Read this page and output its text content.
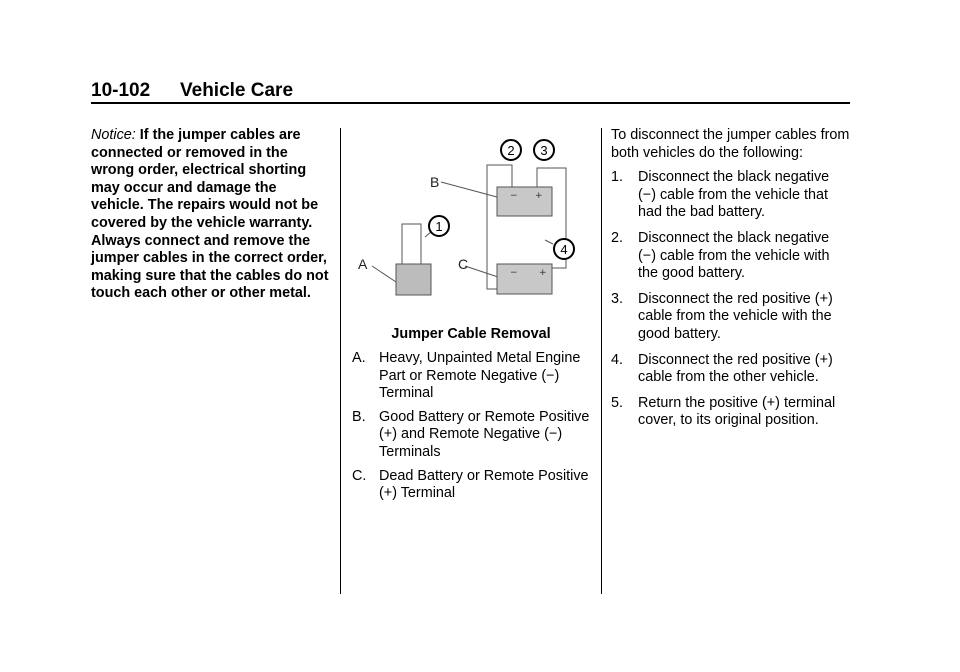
10-102 Vehicle Care
Notice: If the jumper cables are connected or removed in the wrong order, electrical shorting may occur and damage the vehicle. The repairs would not be covered by the vehicle warranty. Always connect and remove the jumper cables in the correct order, making sure that the cables do not touch each other or other metal.
− +
− +
A
B
C
1
2 3
4
Jumper Cable Removal
A. Heavy, Unpainted Metal Engine Part or Remote Negative (−) Terminal
B. Good Battery or Remote Positive (+) and Remote Negative (−) Terminals
C. Dead Battery or Remote Positive (+) Terminal

To disconnect the jumper cables from both vehicles do the following:

1. Disconnect the black negative (−) cable from the vehicle that had the bad battery.
2. Disconnect the black negative (−) cable from the vehicle with the good battery.
3. Disconnect the red positive (+) cable from the vehicle with the good battery.
4. Disconnect the red positive (+) cable from the other vehicle.
5. Return the positive (+) terminal cover, to its original position.
